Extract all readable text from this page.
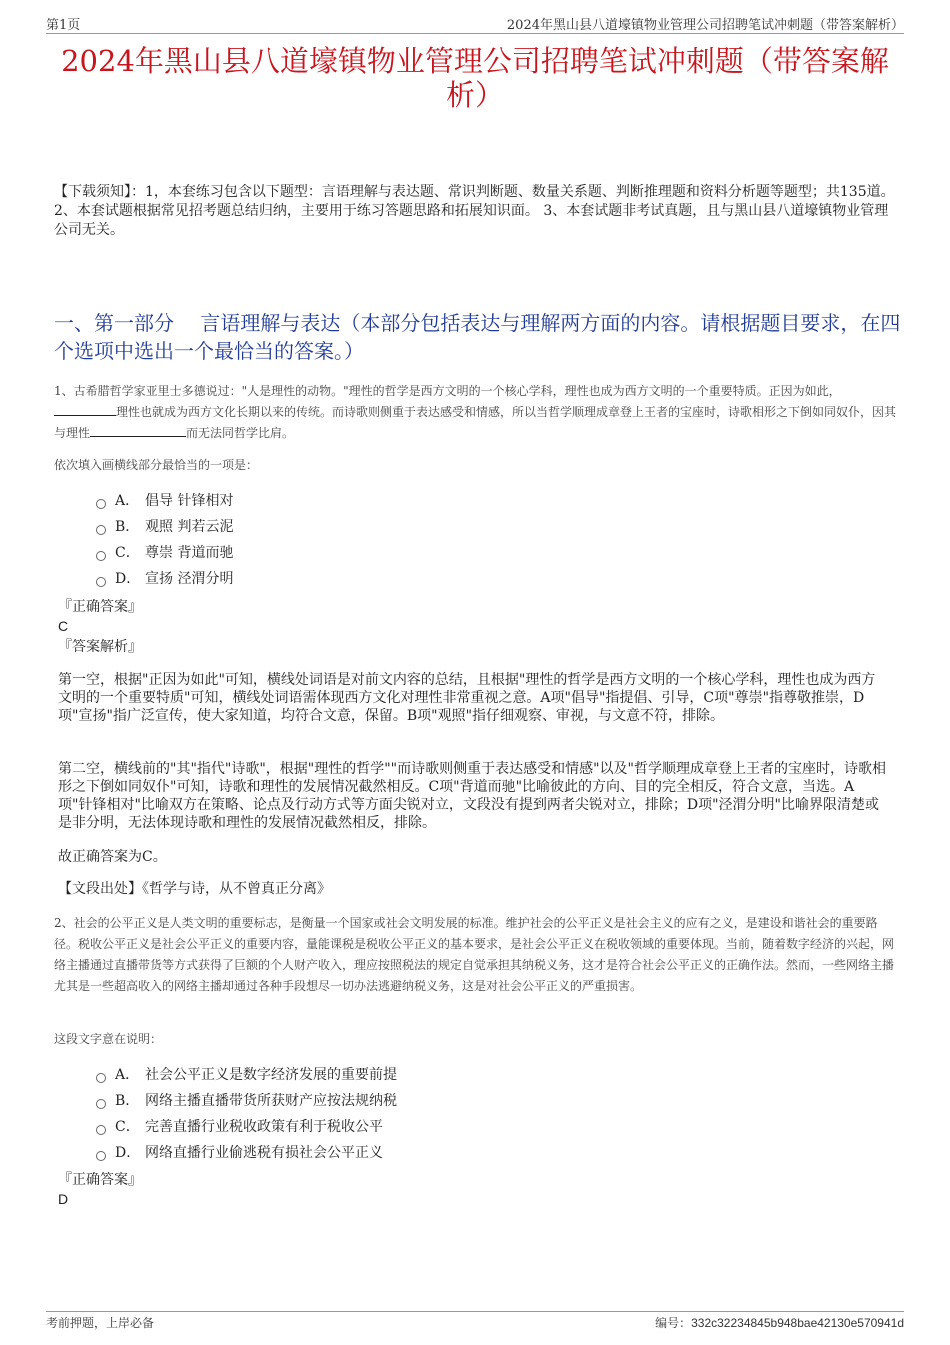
第1页	2024年黑山县八道壕镇物业管理公司招聘笔试冲刺题（带答案解析）
2024年黑山县八道壕镇物业管理公司招聘笔试冲刺题（带答案解析）

【下载须知】：1，本套练习包含以下题型：言语理解与表达题、常识判断题、数量关系题、判断推理题和资料分析题等题型；共135道。 2、本套试题根据常见招考题总结归纳，主要用于练习答题思路和拓展知识面。 3、本套试题非考试真题，且与黑山县八道壕镇物业管理公司无关。

一、第一部分　 言语理解与表达（本部分包括表达与理解两方面的内容。请根据题目要求，在四个选项中选出一个最恰当的答案。）

1、古希腊哲学家亚里士多德说过："人是理性的动物。"理性的哲学是西方文明的一个核心学科，理性也成为西方文明的一个重要特质。正因为如此，理性也就成为西方文化长期以来的传统。而诗歌则侧重于表达感受和情感，所以当哲学顺理成章登上王者的宝座时，诗歌相形之下倒如同奴仆，因其与理性	而无法同哲学比肩。

依次填入画横线部分最恰当的一项是：

A． 倡导 针锋相对
B． 观照 判若云泥
C． 尊崇 背道而驰
D． 宣扬 泾渭分明
『正确答案』
C
『答案解析』

第一空，根据"正因为如此"可知，横线处词语是对前文内容的总结，且根据"理性的哲学是西方文明的一个核心学科，理性也成为西方文明的一个重要特质"可知，横线处词语需体现西方文化对理性非常重视之意。A项"倡导"指提倡、引导，C项"尊崇"指尊敬推崇，D项"宣扬"指广泛宣传，使大家知道，均符合文意，保留。B项"观照"指仔细观察、审视，与文意不符，排除。

第二空，横线前的"其"指代"诗歌"，根据"理性的哲学""而诗歌则侧重于表达感受和情感"以及"哲学顺理成章登上王者的宝座时，诗歌相形之下倒如同奴仆"可知，诗歌和理性的发展情况截然相反。C项"背道而驰"比喻彼此的方向、目的完全相反，符合文意，当选。A项"针锋相对"比喻双方在策略、论点及行动方式等方面尖锐对立，文段没有提到两者尖锐对立，排除；D项"泾渭分明"比喻界限清楚或是非分明，无法体现诗歌和理性的发展情况截然相反，排除。

故正确答案为C。

【文段出处】《哲学与诗，从不曾真正分离》

2、社会的公平正义是人类文明的重要标志，是衡量一个国家或社会文明发展的标准。维护社会的公平正义是社会主义的应有之义，是建设和谐社会的重要路径。税收公平正义是社会公平正义的重要内容，量能课税是税收公平正义的基本要求，是社会公平正义在税收领域的重要体现。当前，随着数字经济的兴起，网络主播通过直播带货等方式获得了巨额的个人财产收入，理应按照税法的规定自觉承担其纳税义务，这才是符合社会公平正义的正确作法。然而，一些网络主播尤其是一些超高收入的网络主播却通过各种手段想尽一切办法逃避纳税义务，这是对社会公平正义的严重损害。

这段文字意在说明：

A． 社会公平正义是数字经济发展的重要前提
B． 网络主播直播带货所获财产应按法规纳税
C． 完善直播行业税收政策有利于税收公平
D． 网络直播行业偷逃税有损社会公平正义
『正确答案』
D
考前押题，上岸必备	编号：332c32234845b948bae42130e570941d
